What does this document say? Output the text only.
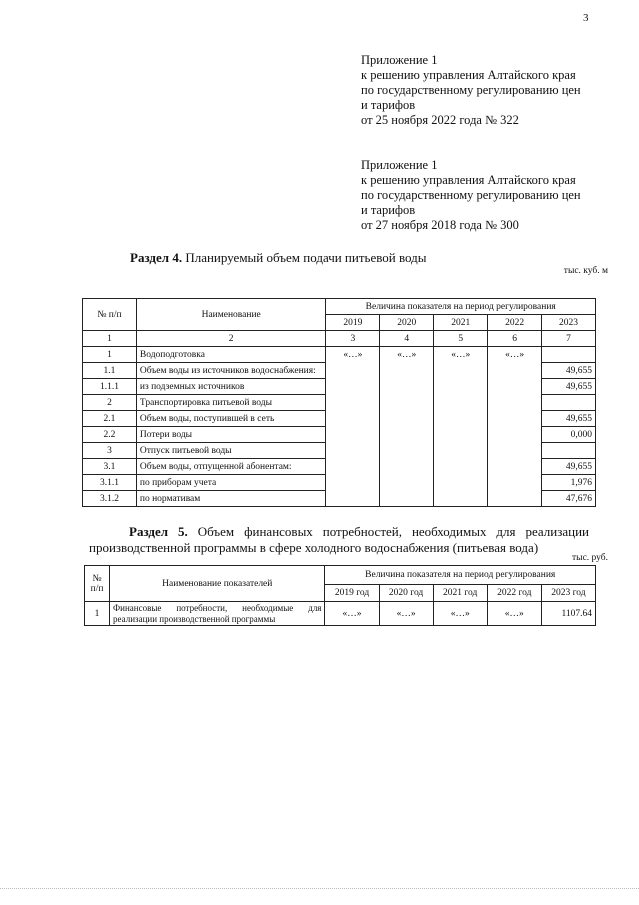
3
Приложение 1
к решению управления Алтайского края
по государственному регулированию цен
и тарифов
от 25 ноября 2022 года № 322
Приложение 1
к решению управления Алтайского края
по государственному регулированию цен
и тарифов
от 27 ноября 2018 года № 300
Раздел 4. Планируемый объем подачи питьевой воды
тыс. куб. м
№ п/п	Наименование	Величина показателя на период регулирования				
		2019	2020	2021	2022	2023
1	2	3	4	5	6	7
1	Водоподготовка	«…»	«…»	«…»	«…»	
1.1	Объем воды из источников водоснабжения:					49,655
1.1.1	из подземных источников					49,655
2	Транспортировка питьевой воды					
2.1	Объем воды, поступившей в сеть					49,655
2.2	Потери воды					0,000
3	Отпуск питьевой воды					
3.1	Объем воды, отпущенной абонентам:					49,655
3.1.1	по приборам учета					1,976
3.1.2	по нормативам					47,676
Раздел 5. Объем финансовых потребностей, необходимых для реализации
производственной программы в сфере холодного водоснабжения (питьевая вода)
тыс. руб.
№ п/п	Наименование показателей	Величина показателя на период регулирования				
		2019 год	2020 год	2021 год	2022 год	2023 год
1	Финансовые потребности, необходимые для реализации производственной программы	«…»	«…»	«…»	«…»	1107.64
